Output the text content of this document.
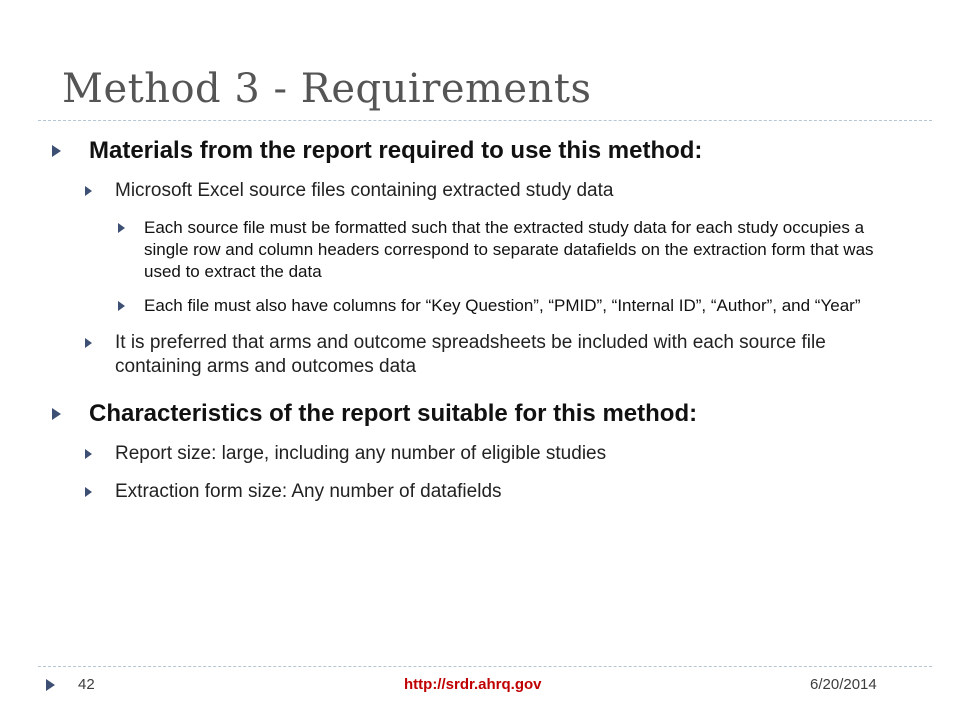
Method 3 - Requirements
Materials from the report required to use this method:
Microsoft Excel source files containing extracted study data
Each source file must be formatted such that the extracted study data for each study occupies a single row and column headers correspond to separate datafields on the extraction form that was used to extract the data
Each file must also have columns for “Key Question”, “PMID”, “Internal ID”, “Author”, and “Year”
It is preferred that arms and outcome spreadsheets be included with each source file containing arms and outcomes data
Characteristics of the report suitable for this method:
Report size: large, including any number of eligible studies
Extraction form size: Any number of datafields
42	http://srdr.ahrq.gov	6/20/2014
